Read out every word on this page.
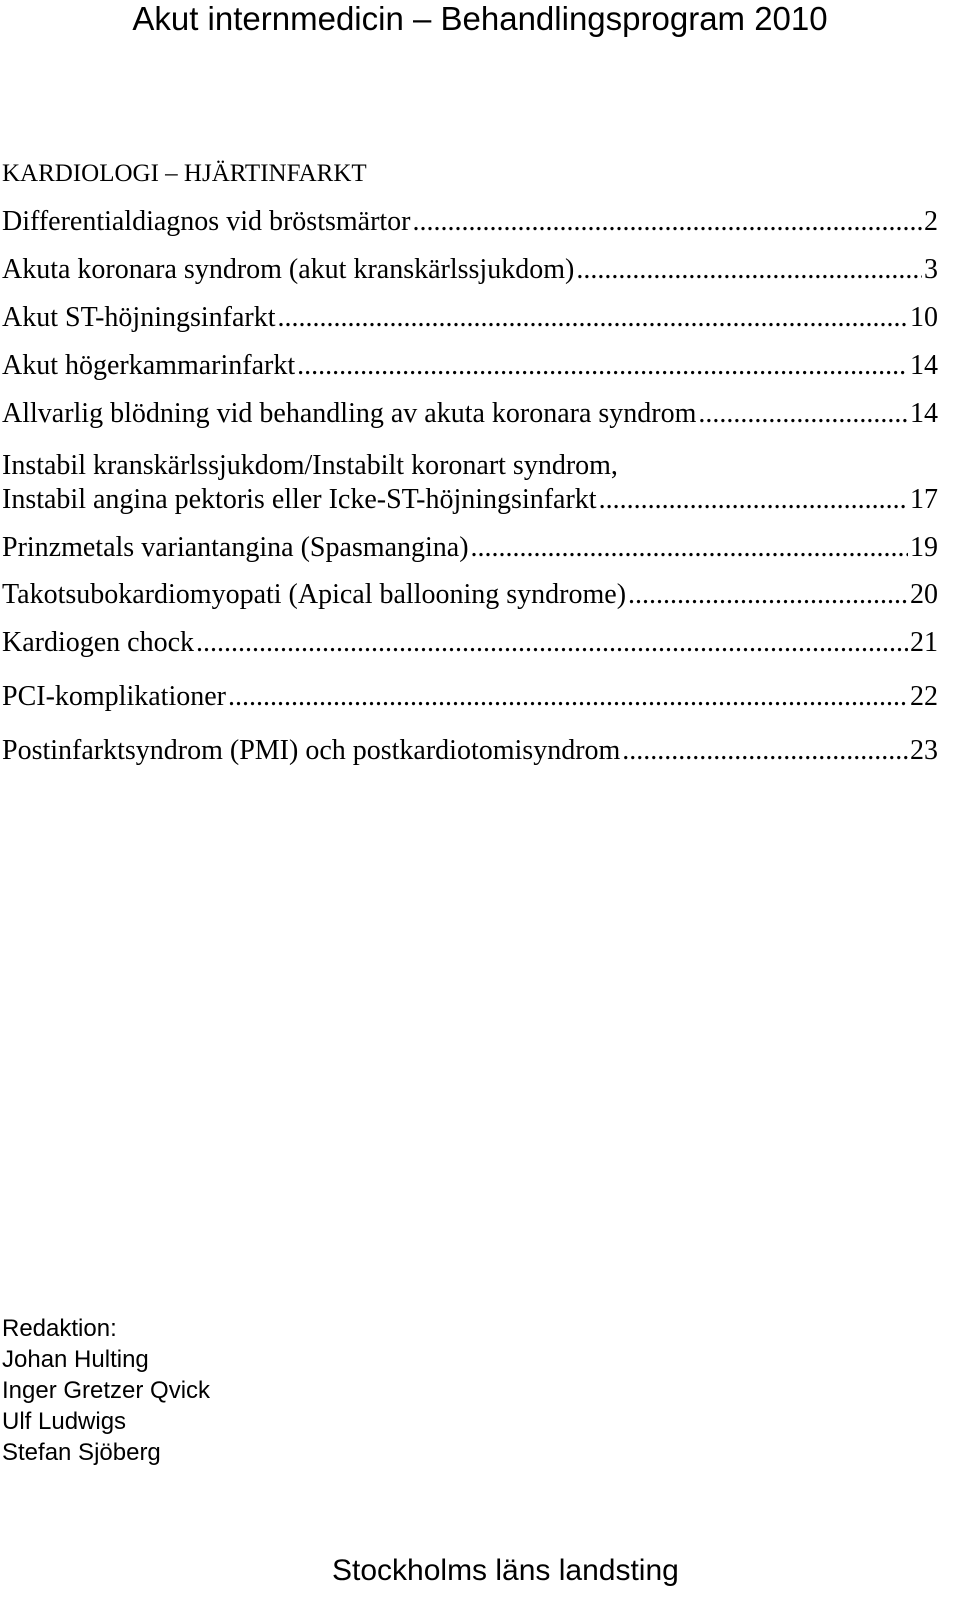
Akut internmedicin – Behandlingsprogram 2010
KARDIOLOGI – HJÄRTINFARKT
Differentialdiagnos vid bröstsmärtor .....	2
Akuta koronara syndrom (akut kranskärlssjukdom) .....	3
Akut ST-höjningsinfarkt .....	10
Akut högerkammarinfarkt .....	14
Allvarlig blödning vid behandling av akuta koronara syndrom .....	14
Instabil kranskärlssjukdom/Instabilt koronart syndrom,
Instabil angina pektoris eller Icke-ST-höjningsinfarkt .....	17
Prinzmetals variantangina (Spasmangina) .....	19
Takotsubokardiomyopati (Apical ballooning syndrome) .....	20
Kardiogen chock .....	21
PCI-komplikationer .....	22
Postinfarktsyndrom (PMI) och postkardiotomisyndrom .....	23
Redaktion:
Johan Hulting
Inger Gretzer Qvick
Ulf Ludwigs
Stefan Sjöberg
Stockholms läns landsting
